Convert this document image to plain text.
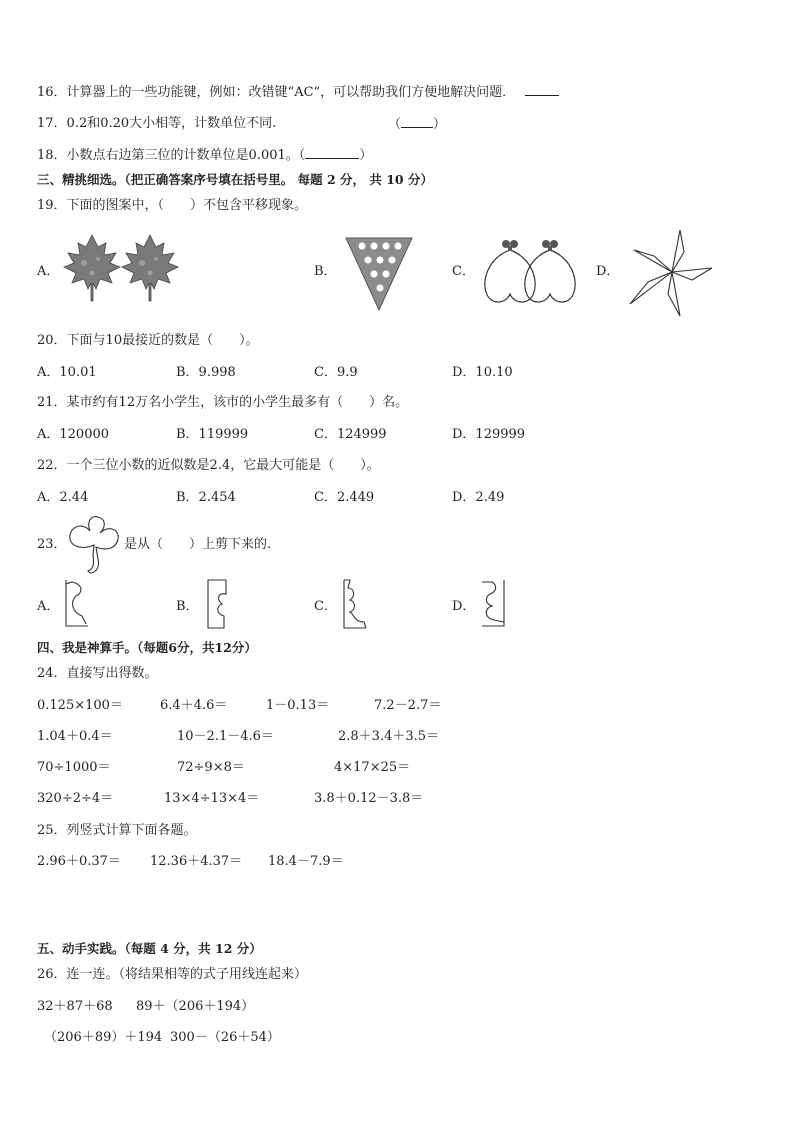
16．计算器上的一些功能键，例如：改错键“AC“，可以帮助我们方便地解决问题．
17．0.2和0.20大小相等，计数单位不同.	（ ）
18．小数点右边第三位的计数单位是0.001。（	）
三、精挑细选。（把正确答案序号填在括号里。 每题 2 分， 共 10 分）
19．下面的图案中，（　　）不包含平移现象。
A．	B．	C．	D．
20．下面与10最接近的数是（　　）。
A．10.01	B．9.998	C．9.9	D．10.10
21．某市约有12万名小学生，该市的小学生最多有（　　）名。
A．120000	B．119999	C．124999	D．129999
22．一个三位小数的近似数是2.4，它最大可能是（　　）。
A．2.44	B．2.454	C．2.449	D．2.49
23．	是从（　　）上剪下来的.
A．	B．	C．	D．
四、我是神算手。（每题6分，共12分）
24．直接写出得数。
0.125×100＝	6.4＋4.6＝	1－0.13＝	7.2－2.7＝
1.04＋0.4＝	10－2.1－4.6＝	2.8＋3.4＋3.5＝
70÷1000＝	72÷9×8＝	4×17×25＝
320÷2÷4＝	13×4÷13×4＝	3.8＋0.12－3.8＝
25．列竖式计算下面各题。
2.96＋0.37＝ 12.36＋4.37＝ 18.4－7.9＝
五、动手实践。（每题 4 分，共 12 分）
26．连一连。（将结果相等的式子用线连起来）
32＋87＋68 89＋（206＋194）
（206＋89）＋194 300－（26＋54）
